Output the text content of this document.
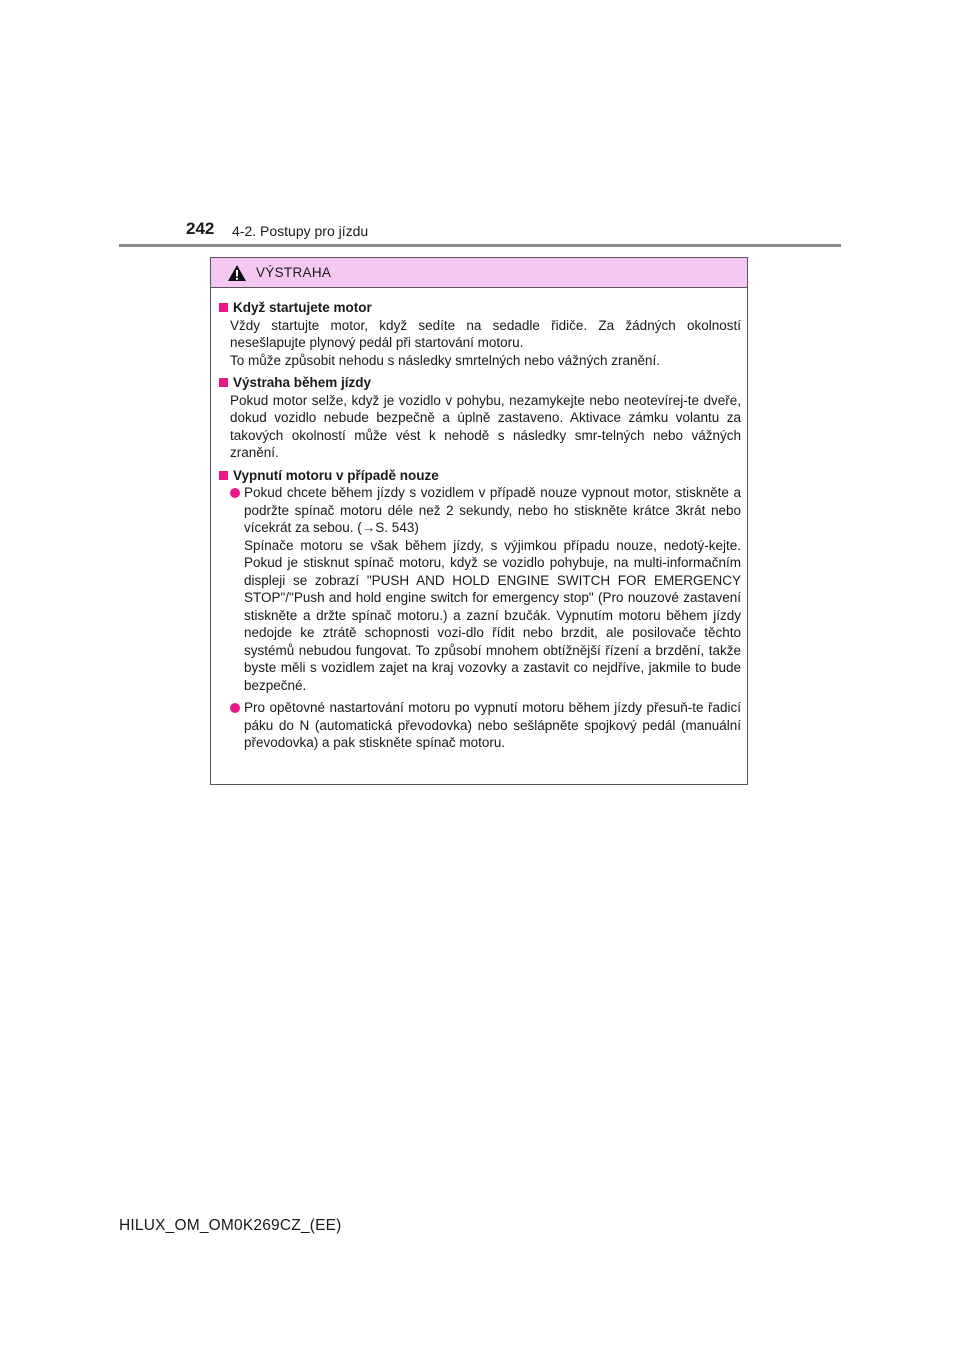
242 4-2. Postupy pro jízdu
VÝSTRAHA
Když startujete motor

Vždy startujte motor, když sedíte na sedadle řidiče. Za žádných okolností nesešlapujte plynový pedál při startování motoru.

To může způsobit nehodu s následky smrtelných nebo vážných zranění.

Výstraha během jízdy

Pokud motor selže, když je vozidlo v pohybu, nezamykejte nebo neotevírej-te dveře, dokud vozidlo nebude bezpečně a úplně zastaveno. Aktivace zámku volantu za takových okolností může vést k nehodě s následky smr-telných nebo vážných zranění.

Vypnutí motoru v případě nouze

Pokud chcete během jízdy s vozidlem v případě nouze vypnout motor, stiskněte a podržte spínač motoru déle než 2 sekundy, nebo ho stiskněte krátce 3krát nebo vícekrát za sebou. (→S. 543)

Spínače motoru se však během jízdy, s výjimkou případu nouze, nedotý-kejte. Pokud je stisknut spínač motoru, když se vozidlo pohybuje, na multi-informačním displeji se zobrazí "PUSH AND HOLD ENGINE SWITCH FOR EMERGENCY STOP"/"Push and hold engine switch for emergency stop" (Pro nouzové zastavení stiskněte a držte spínač motoru.) a zazní bzučák. Vypnutím motoru během jízdy nedojde ke ztrátě schopnosti vozi-dlo řídit nebo brzdit, ale posilovače těchto systémů nebudou fungovat. To způsobí mnohem obtížnější řízení a brzdění, takže byste měli s vozidlem zajet na kraj vozovky a zastavit co nejdříve, jakmile to bude bezpečné.

Pro opětovné nastartování motoru po vypnutí motoru během jízdy přesuň-te řadicí páku do N (automatická převodovka) nebo sešlápněte spojkový pedál (manuální převodovka) a pak stiskněte spínač motoru.

HILUX_OM_OM0K269CZ_(EE)
